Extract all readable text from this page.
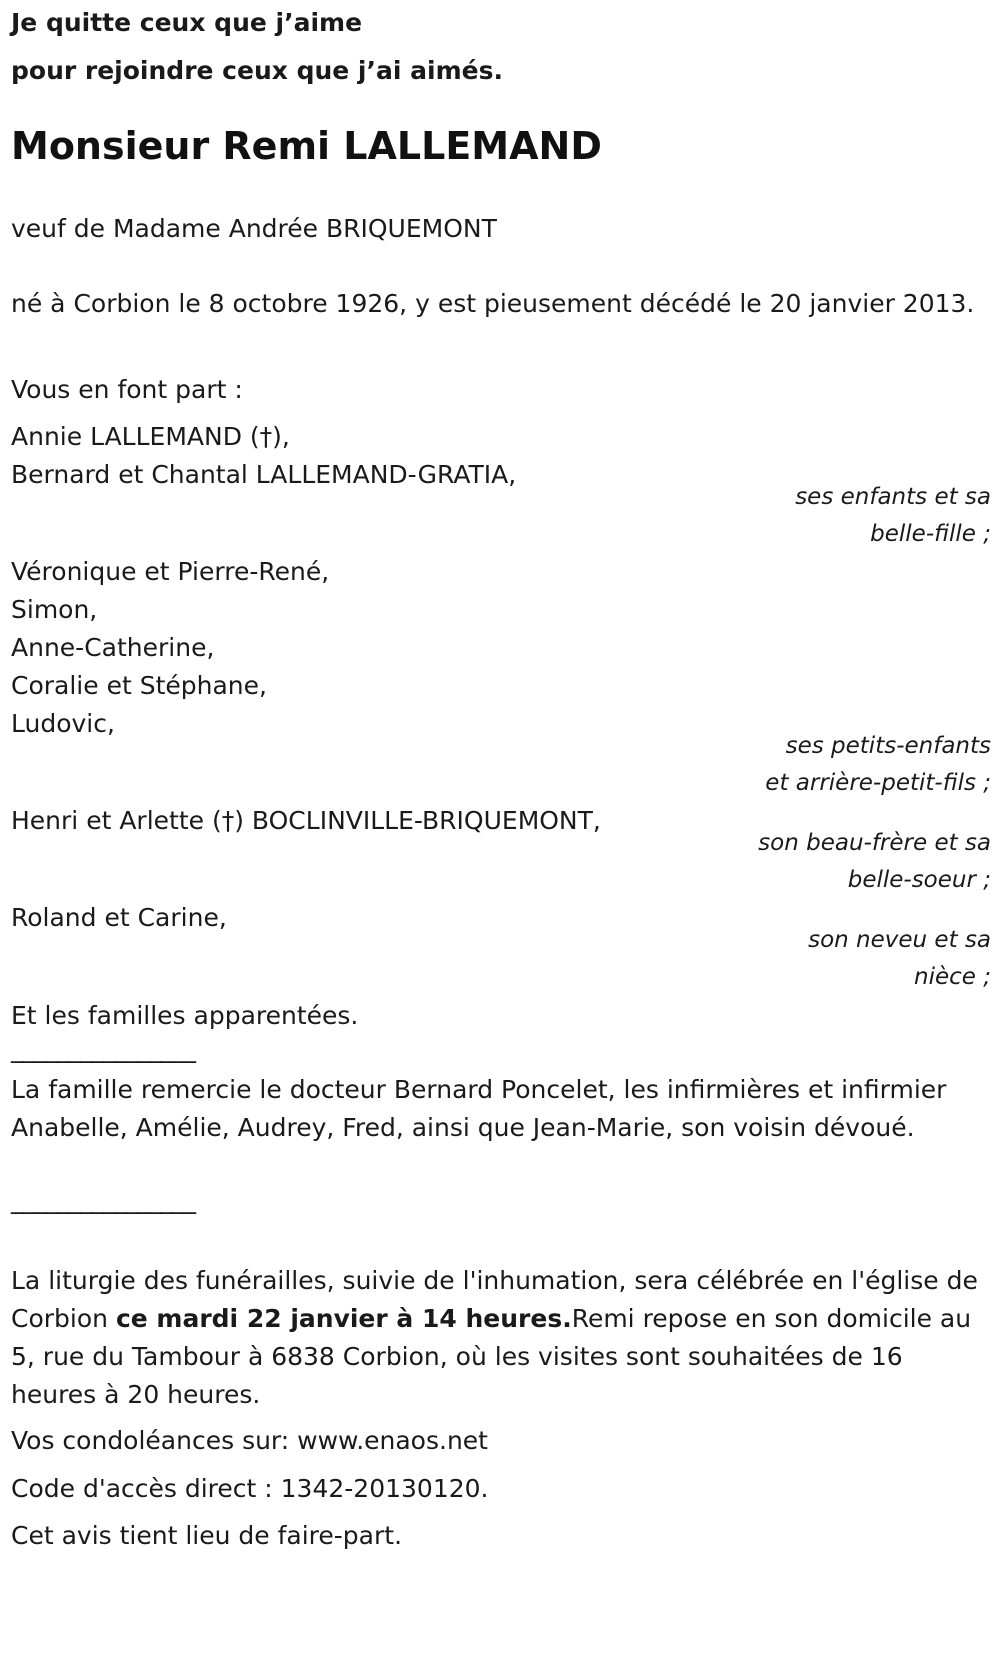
Je quitte ceux que j’aime
pour rejoindre ceux que j’ai aimés.
Monsieur Remi LALLEMAND
veuf de Madame Andrée BRIQUEMONT
né à Corbion le 8 octobre 1926, y est pieusement décédé le 20 janvier 2013.
Vous en font part :
Annie LALLEMAND (†),
Bernard et Chantal LALLEMAND-GRATIA,
ses enfants et sa
belle-fille ;
Véronique et Pierre-René,
Simon,
Anne-Catherine,
Coralie et Stéphane,
Ludovic,
ses petits-enfants
et arrière-petit-fils ;
Henri et Arlette (†) BOCLINVILLE-BRIQUEMONT,
son beau-frère et sa
belle-soeur ;
Roland et Carine,
son neveu et sa
nièce ;
Et les familles apparentées.
________________
La famille remercie le docteur Bernard Poncelet, les infirmières et infirmier Anabelle, Amélie, Audrey, Fred, ainsi que Jean-Marie, son voisin dévoué.
________________
La liturgie des funérailles, suivie de l'inhumation, sera célébrée en l'église de Corbion ce mardi 22 janvier à 14 heures.Remi repose en son domicile au 5, rue du Tambour à 6838 Corbion, où les visites sont souhaitées de 16 heures à 20 heures.
Vos condoléances sur: www.enaos.net
Code d'accès direct : 1342-20130120.
Cet avis tient lieu de faire-part.
